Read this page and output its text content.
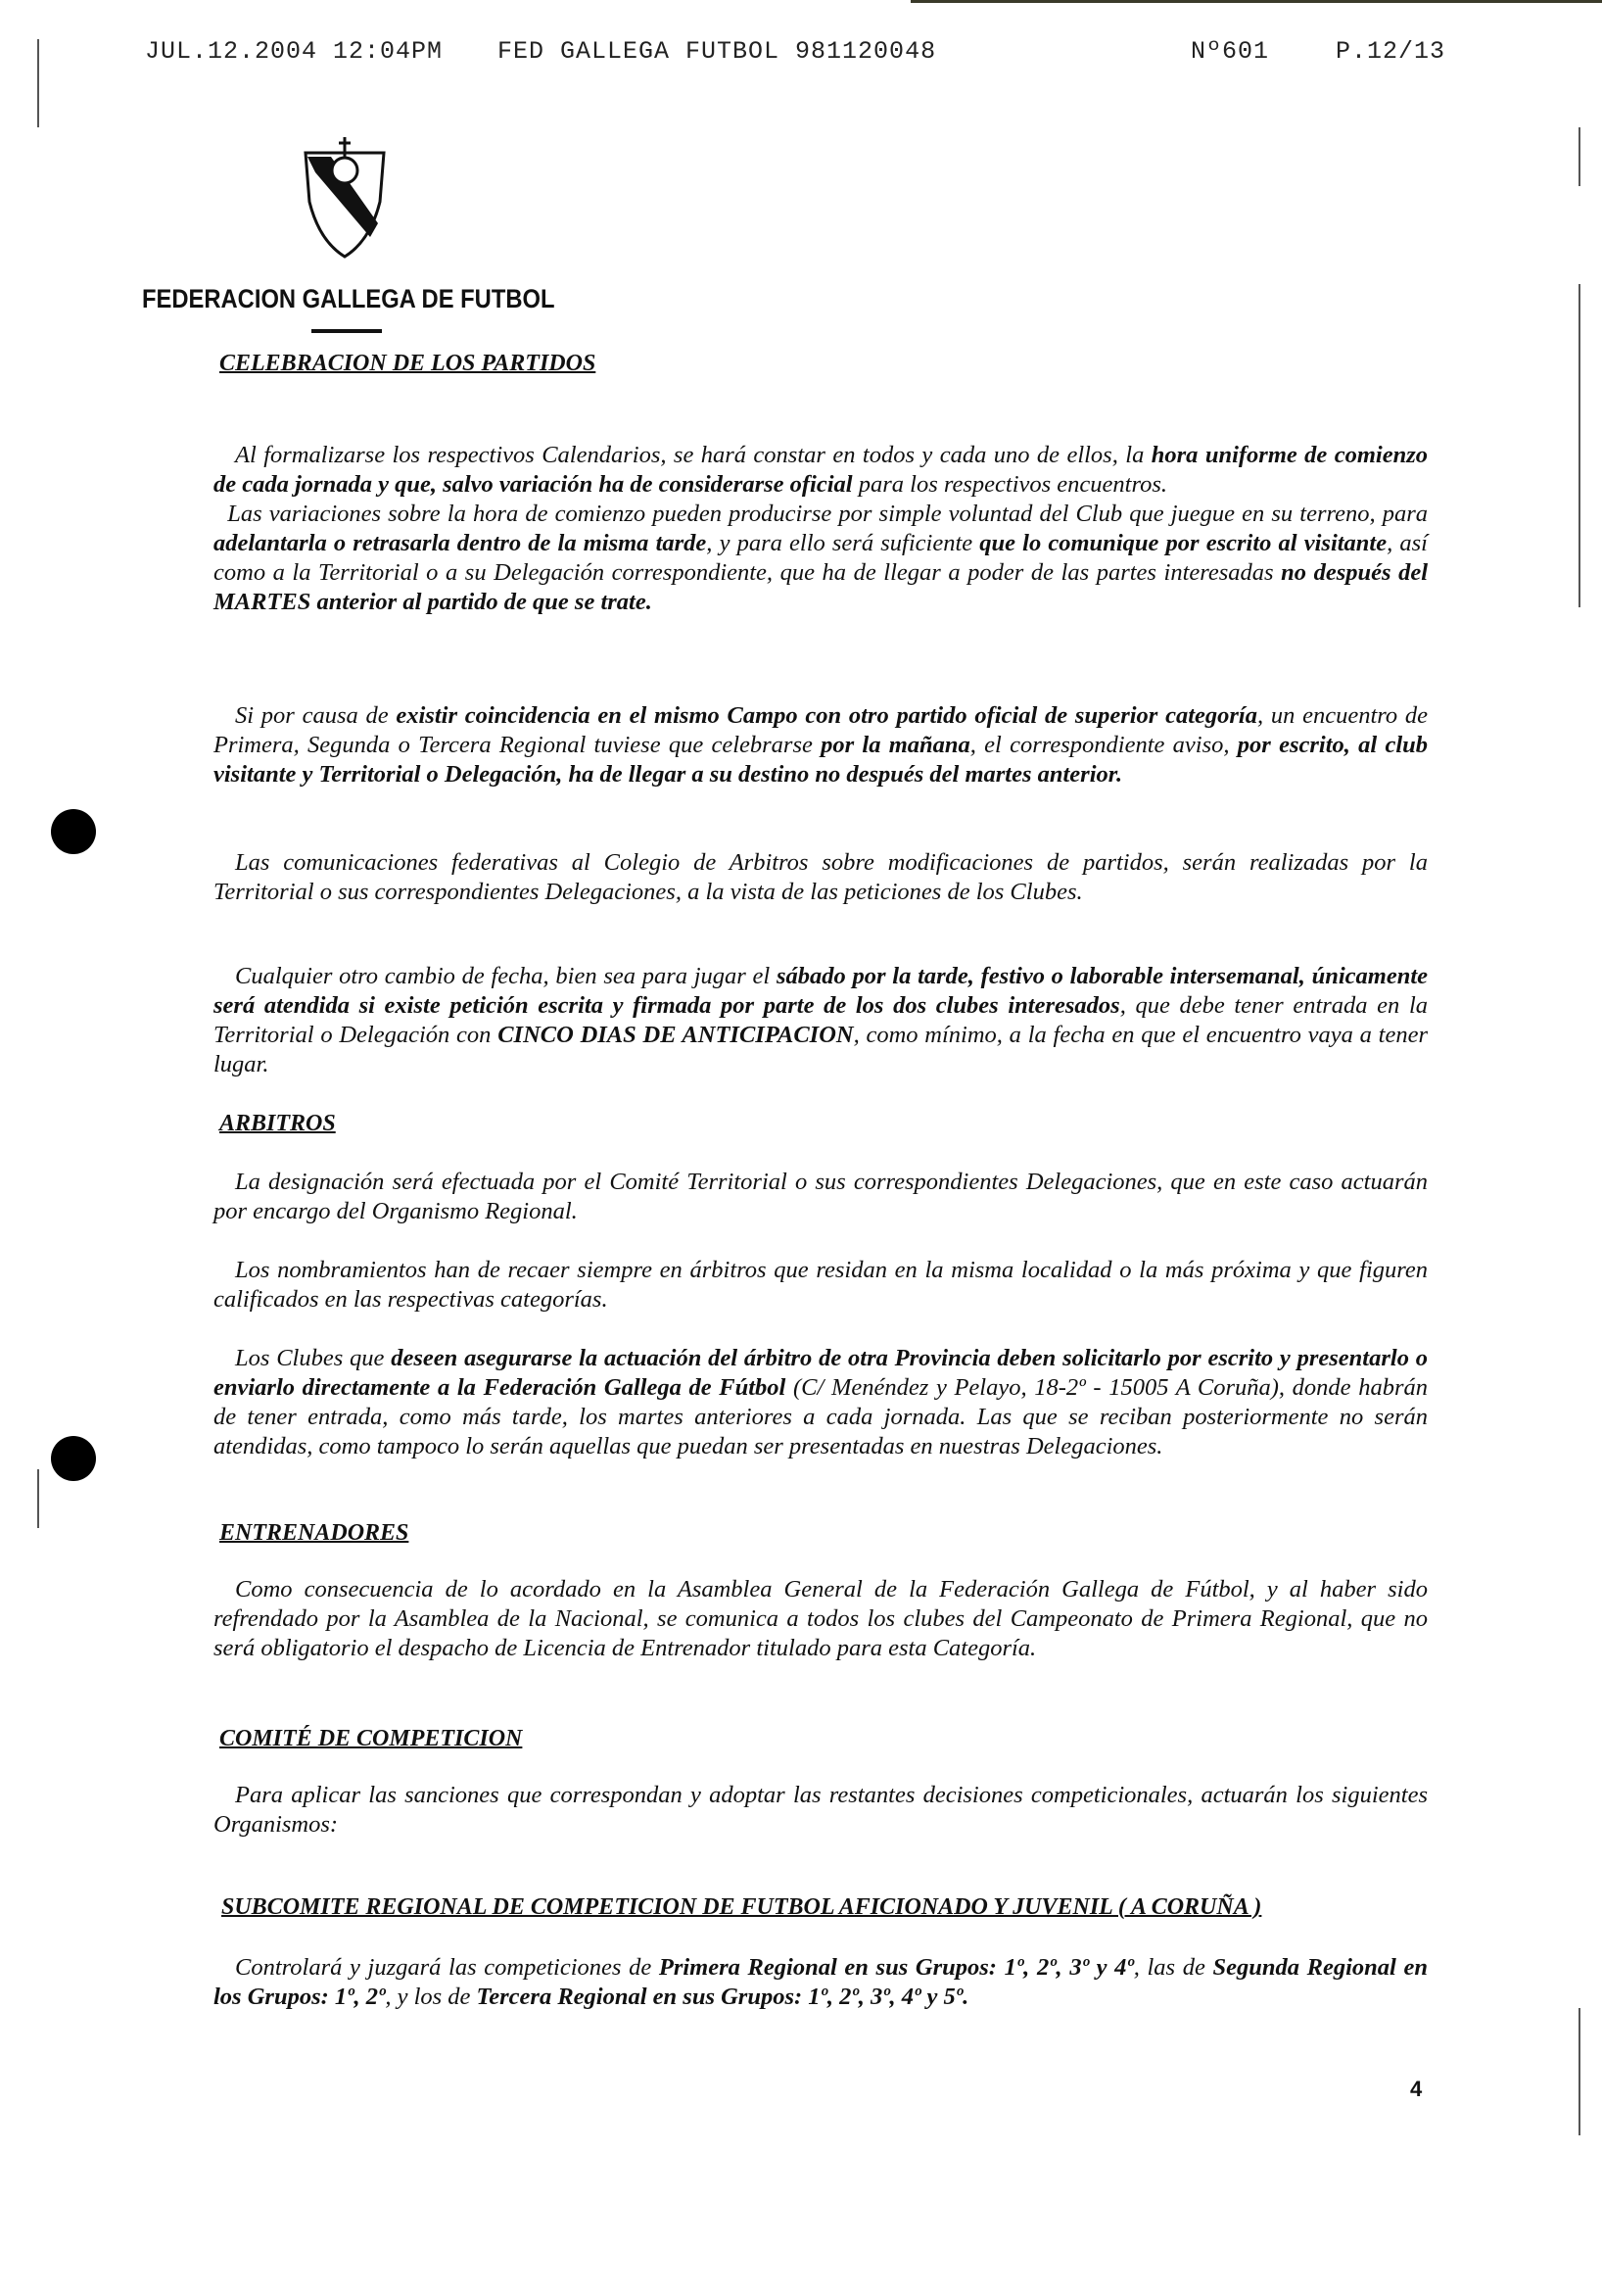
JUL.12.2004 12:04PM FED GALLEGA FUTBOL 981120048	Nº601	P.12/13
FEDERACION GALLEGA DE FUTBOL
CELEBRACION DE LOS PARTIDOS
Al formalizarse los respectivos Calendarios, se hará constar en todos y cada uno de ellos, la hora uniforme de comienzo de cada jornada y que, salvo variación ha de considerarse oficial para los respectivos encuentros.
Las variaciones sobre la hora de comienzo pueden producirse por simple voluntad del Club que juegue en su terreno, para adelantarla o retrasarla dentro de la misma tarde, y para ello será suficiente que lo comunique por escrito al visitante, así como a la Territorial o a su Delegación correspondiente, que ha de llegar a poder de las partes interesadas no después del MARTES anterior al partido de que se trate.
Si por causa de existir coincidencia en el mismo Campo con otro partido oficial de superior categoría, un encuentro de Primera, Segunda o Tercera Regional tuviese que celebrarse por la mañana, el correspondiente aviso, por escrito, al club visitante y Territorial o Delegación, ha de llegar a su destino no después del martes anterior.
Las comunicaciones federativas al Colegio de Arbitros sobre modificaciones de partidos, serán realizadas por la Territorial o sus correspondientes Delegaciones, a la vista de las peticiones de los Clubes.
Cualquier otro cambio de fecha, bien sea para jugar el sábado por la tarde, festivo o laborable intersemanal, únicamente será atendida si existe petición escrita y firmada por parte de los dos clubes interesados, que debe tener entrada en la Territorial o Delegación con CINCO DIAS DE ANTICIPACION, como mínimo, a la fecha en que el encuentro vaya a tener lugar.
ARBITROS
La designación será efectuada por el Comité Territorial o sus correspondientes Delegaciones, que en este caso actuarán por encargo del Organismo Regional.
Los nombramientos han de recaer siempre en árbitros que residan en la misma localidad o la más próxima y que figuren calificados en las respectivas categorías.
Los Clubes que deseen asegurarse la actuación del árbitro de otra Provincia deben solicitarlo por escrito y presentarlo o enviarlo directamente a la Federación Gallega de Fútbol (C/ Menéndez y Pelayo, 18-2º - 15005 A Coruña), donde habrán de tener entrada, como más tarde, los martes anteriores a cada jornada. Las que se reciban posteriormente no serán atendidas, como tampoco lo serán aquellas que puedan ser presentadas en nuestras Delegaciones.
ENTRENADORES
Como consecuencia de lo acordado en la Asamblea General de la Federación Gallega de Fútbol, y al haber sido refrendado por la Asamblea de la Nacional, se comunica a todos los clubes del Campeonato de Primera Regional, que no será obligatorio el despacho de Licencia de Entrenador titulado para esta Categoría.
COMITÉ DE COMPETICION
Para aplicar las sanciones que correspondan y adoptar las restantes decisiones competicionales, actuarán los siguientes Organismos:
SUBCOMITE REGIONAL DE COMPETICION DE FUTBOL AFICIONADO Y JUVENIL ( A CORUÑA )
Controlará y juzgará las competiciones de Primera Regional en sus Grupos: 1º, 2º, 3º y 4º, las de Segunda Regional en los Grupos: 1º, 2º, y los de Tercera Regional en sus Grupos: 1º, 2º, 3º, 4º y 5º.
4
